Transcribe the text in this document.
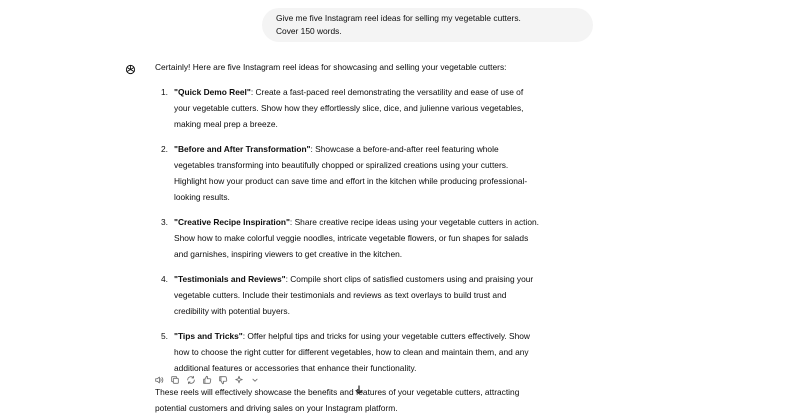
Give me five Instagram reel ideas for selling my vegetable cutters.
Cover 150 words.

Certainly! Here are five Instagram reel ideas for showcasing and selling your vegetable cutters:

1. "Quick Demo Reel": Create a fast-paced reel demonstrating the versatility and ease of use of
your vegetable cutters. Show how they effortlessly slice, dice, and julienne various vegetables,
making meal prep a breeze.
2. "Before and After Transformation": Showcase a before-and-after reel featuring whole
vegetables transforming into beautifully chopped or spiralized creations using your cutters.
Highlight how your product can save time and effort in the kitchen while producing professional-
looking results.
3. "Creative Recipe Inspiration": Share creative recipe ideas using your vegetable cutters in action.
Show how to make colorful veggie noodles, intricate vegetable flowers, or fun shapes for salads
and garnishes, inspiring viewers to get creative in the kitchen.
4. "Testimonials and Reviews": Compile short clips of satisfied customers using and praising your
vegetable cutters. Include their testimonials and reviews as text overlays to build trust and
credibility with potential buyers.
5. "Tips and Tricks": Offer helpful tips and tricks for using your vegetable cutters effectively. Show
how to choose the right cutter for different vegetables, how to clean and maintain them, and any
additional features or accessories that enhance their functionality.

These reels will effectively showcase the benefits and features of your vegetable cutters, attracting
potential customers and driving sales on your Instagram platform.
